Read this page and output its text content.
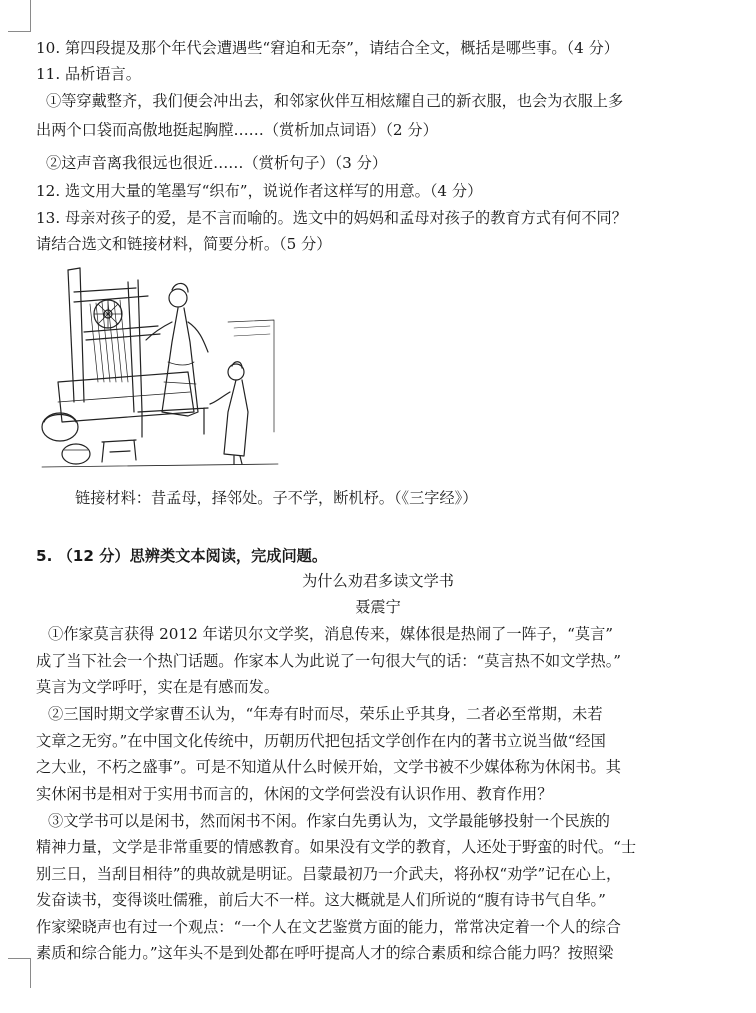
10. 第四段提及那个年代会遭遇些“窘迫和无奈”，请结合全文，概括是哪些事。（4 分）
11. 品析语言。
①等穿戴整齐，我们便会冲出去，和邻家伙伴互相炫耀自己的新衣服，也会为衣服上多
出两个口袋而高傲地挺起胸膛……（赏析加点词语）（2 分）
②这声音离我很远也很近……（赏析句子）（3 分）
12. 选文用大量的笔墨写“织布”，说说作者这样写的用意。（4 分）
13. 母亲对孩子的爱，是不言而喻的。选文中的妈妈和孟母对孩子的教育方式有何不同？
请结合选文和链接材料，简要分析。（5 分）
链接材料：昔孟母，择邻处。子不学，断机杼。（《三字经》）
5. （12 分）思辨类文本阅读，完成问题。
为什么劝君多读文学书
聂震宁
①作家莫言获得 2012 年诺贝尔文学奖，消息传来，媒体很是热闹了一阵子，“莫言”
成了当下社会一个热门话题。作家本人为此说了一句很大气的话：“莫言热不如文学热。”
莫言为文学呼吁，实在是有感而发。
②三国时期文学家曹丕认为，“年寿有时而尽，荣乐止乎其身，二者必至常期，未若
文章之无穷。”在中国文化传统中，历朝历代把包括文学创作在内的著书立说当做“经国
之大业，不朽之盛事”。可是不知道从什么时候开始，文学书被不少媒体称为休闲书。其
实休闲书是相对于实用书而言的，休闲的文学何尝没有认识作用、教育作用？
③文学书可以是闲书，然而闲书不闲。作家白先勇认为，文学最能够投射一个民族的
精神力量，文学是非常重要的情感教育。如果没有文学的教育，人还处于野蛮的时代。“士
别三日，当刮目相待”的典故就是明证。吕蒙最初乃一介武夫，将孙权“劝学”记在心上，
发奋读书，变得谈吐儒雅，前后大不一样。这大概就是人们所说的“腹有诗书气自华。”
作家梁晓声也有过一个观点：“一个人在文艺鉴赏方面的能力，常常决定着一个人的综合
素质和综合能力。”这年头不是到处都在呼吁提高人才的综合素质和综合能力吗？按照梁
